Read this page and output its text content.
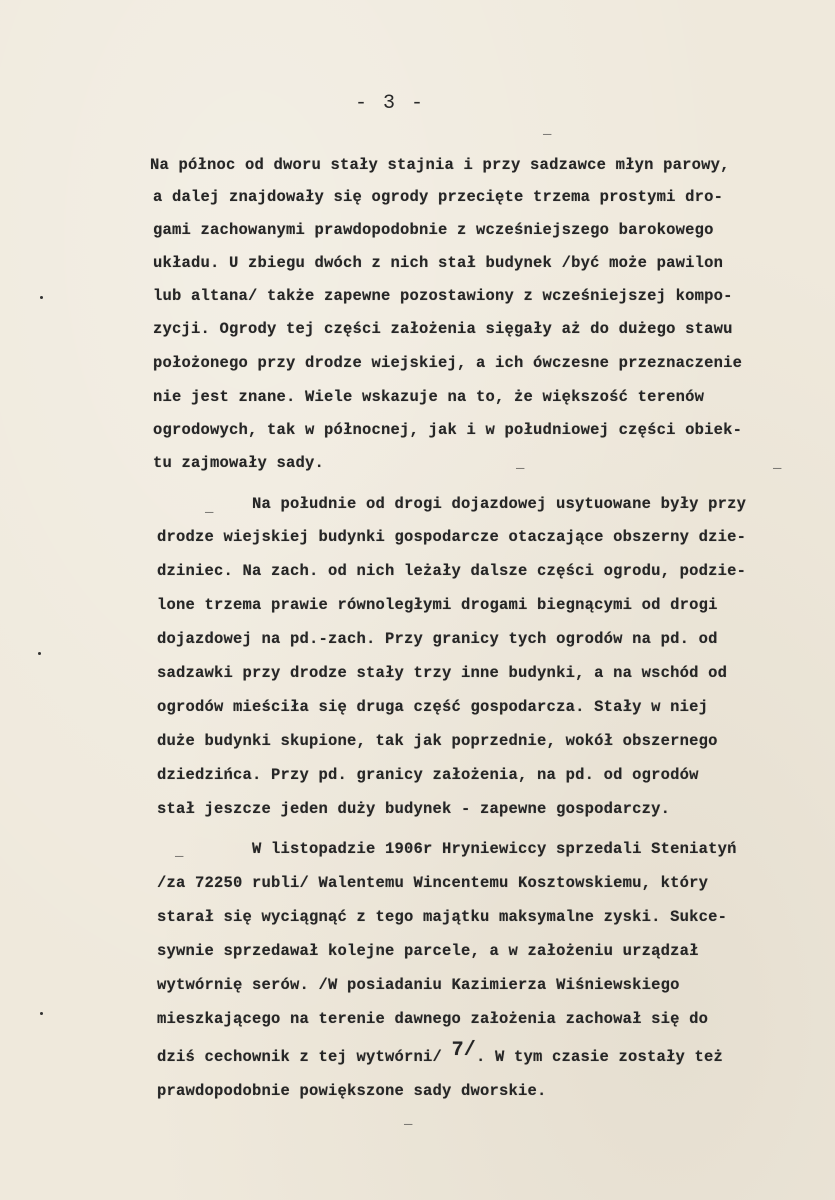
- 3 -
_
_	_
_
_
_
Na północ od dworu stały stajnia i przy sadzawce młyn parowy,
a dalej znajdowały się ogrody przecięte trzema prostymi dro-
gami zachowanymi prawdopodobnie z wcześniejszego barokowego
układu. U zbiegu dwóch z nich stał budynek /być może pawilon
lub altana/ także zapewne pozostawiony z wcześniejszej kompo-
zycji. Ogrody tej części założenia sięgały aż do dużego stawu
położonego przy drodze wiejskiej, a ich ówczesne przeznaczenie
nie jest znane. Wiele wskazuje na to, że większość terenów
ogrodowych, tak w północnej, jak i w południowej części obiek-
tu zajmowały sady.
Na południe od drogi dojazdowej usytuowane były przy
drodze wiejskiej budynki gospodarcze otaczające obszerny dzie-
dziniec. Na zach. od nich leżały dalsze części ogrodu, podzie-
lone trzema prawie równoległymi drogami biegnącymi od drogi
dojazdowej na pd.-zach. Przy granicy tych ogrodów na pd. od
sadzawki przy drodze stały trzy inne budynki, a na wschód od
ogrodów mieściła się druga część gospodarcza. Stały w niej
duże budynki skupione, tak jak poprzednie, wokół obszernego
dziedzińca. Przy pd. granicy założenia, na pd. od ogrodów
stał jeszcze jeden duży budynek - zapewne gospodarczy.
W listopadzie 1906r Hryniewiccy sprzedali Steniatyń
/za 72250 rubli/ Walentemu Wincentemu Kosztowskiemu, który
starał się wyciągnąć z tego majątku maksymalne zyski. Sukce-
sywnie sprzedawał kolejne parcele, a w założeniu urządzał
wytwórnię serów. /W posiadaniu Kazimierza Wiśniewskiego
mieszkającego na terenie dawnego założenia zachował się do
dziś cechownik z tej wytwórni/ 7/. W tym czasie zostały też
prawdopodobnie powiększone sady dworskie.
